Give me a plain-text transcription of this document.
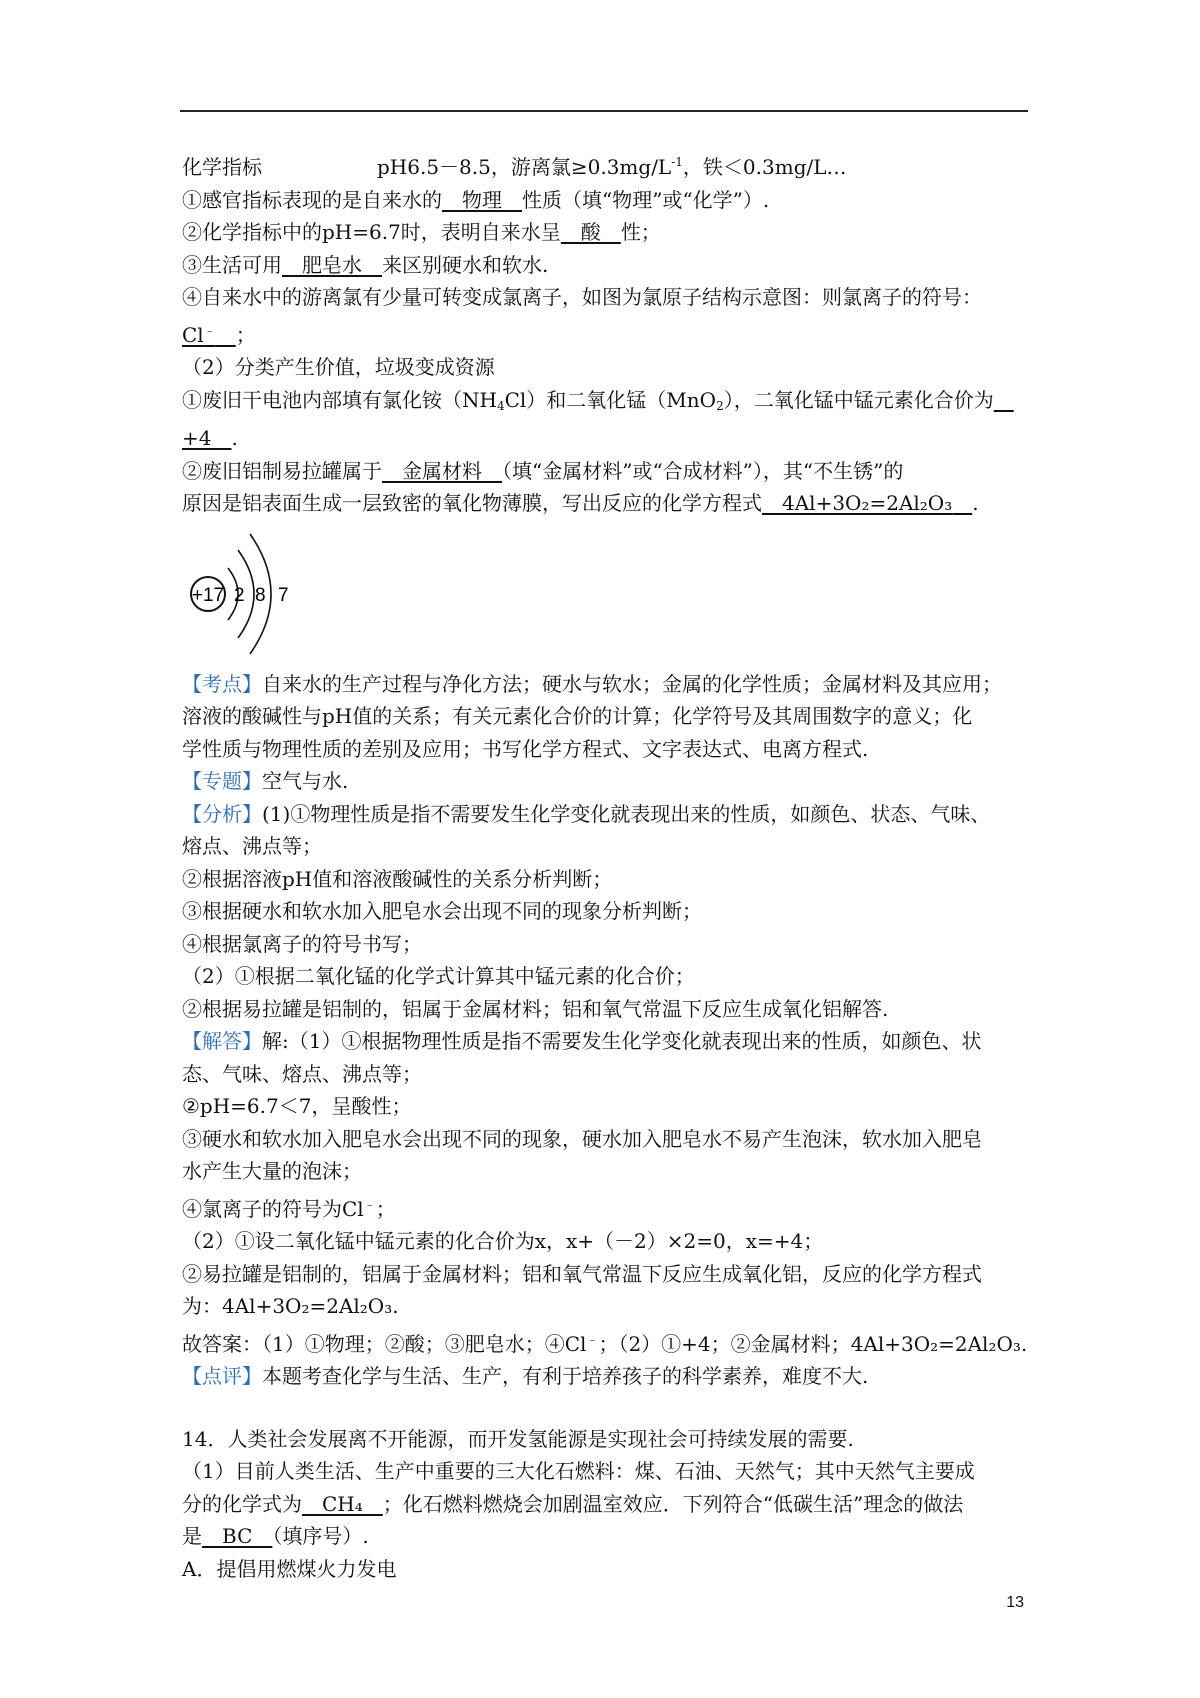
化学指标	pH6.5－8.5，游离氯$\ge 0.3mg/L^{-1}$，铁＜0.3mg/L…
①感官指标表现的是自来水的　物理　性质（填“物理”或“化学”）.
②化学指标中的pH=6.7时，表明自来水呈　酸　性；
③生活可用　肥皂水　来区别硬水和软水.
④自来水中的游离氯有少量可转变成氯离子，如图为氯原子结构示意图：则氯离子的符号：
Cl﹣　 ；
（2）分类产生价值，垃圾变成资源
①废旧干电池内部填有氯化铵$(NH_4Cl)$和二氧化锰（MnO$_2$），二氧化锰中锰元素化合价为　
+4　 .
②废旧铝制易拉罐属于　金属材料　（填“金属材料”或“合成材料”），其“不生锈”的
原因是铝表面生成一层致密的氧化物薄膜，写出反应的化学方程式　 4Al+3O₂=2Al₂O₃　 .
+17 2 8 7
【考点】自来水的生产过程与净化方法；硬水与软水；金属的化学性质；金属材料及其应用；
溶液的酸碱性与pH值的关系；有关元素化合价的计算；化学符号及其周围数字的意义；化
学性质与物理性质的差别及应用；书写化学方程式、文字表达式、电离方程式.
【专题】空气与水.
【分析】(1)①物理性质是指不需要发生化学变化就表现出来的性质，如颜色、状态、气味、
熔点、沸点等；
②根据溶液pH值和溶液酸碱性的关系分析判断；
③根据硬水和软水加入肥皂水会出现不同的现象分析判断；
④根据氯离子的符号书写；
（2）①根据二氧化锰的化学式计算其中锰元素的化合价；
②根据易拉罐是铝制的，铝属于金属材料；铝和氧气常温下反应生成氧化铝解答.
【解答】解:（1）①根据物理性质是指不需要发生化学变化就表现出来的性质，如颜色、状
态、气味、熔点、沸点等；
②pH=6.7＜7，呈酸性；
③硬水和软水加入肥皂水会出现不同的现象，硬水加入肥皂水不易产生泡沫，软水加入肥皂
水产生大量的泡沫；
④氯离子的符号为Cl﹣；
（2）①设二氧化锰中锰元素的化合价为x，x+（－2）×2=0，x=+4；
②易拉罐是铝制的，铝属于金属材料；铝和氧气常温下反应生成氧化铝，反应的化学方程式
为：4Al+3O₂=2Al₂O₃.
故答案：（1）①物理；②酸；③肥皂水；④Cl﹣；（2）①+4；②金属材料；4Al+3O₂=2Al₂O₃.
【点评】本题考查化学与生活、生产，有利于培养孩子的科学素养，难度不大.
14．人类社会发展离不开能源，而开发氢能源是实现社会可持续发展的需要.
（1）目前人类生活、生产中重要的三大化石燃料：煤、石油、天然气；其中天然气主要成
分的化学式为　CH₄　；化石燃料燃烧会加剧温室效应．下列符合“低碳生活”理念的做法
是　BC　（填序号）.
A．提倡用燃煤火力发电
13
